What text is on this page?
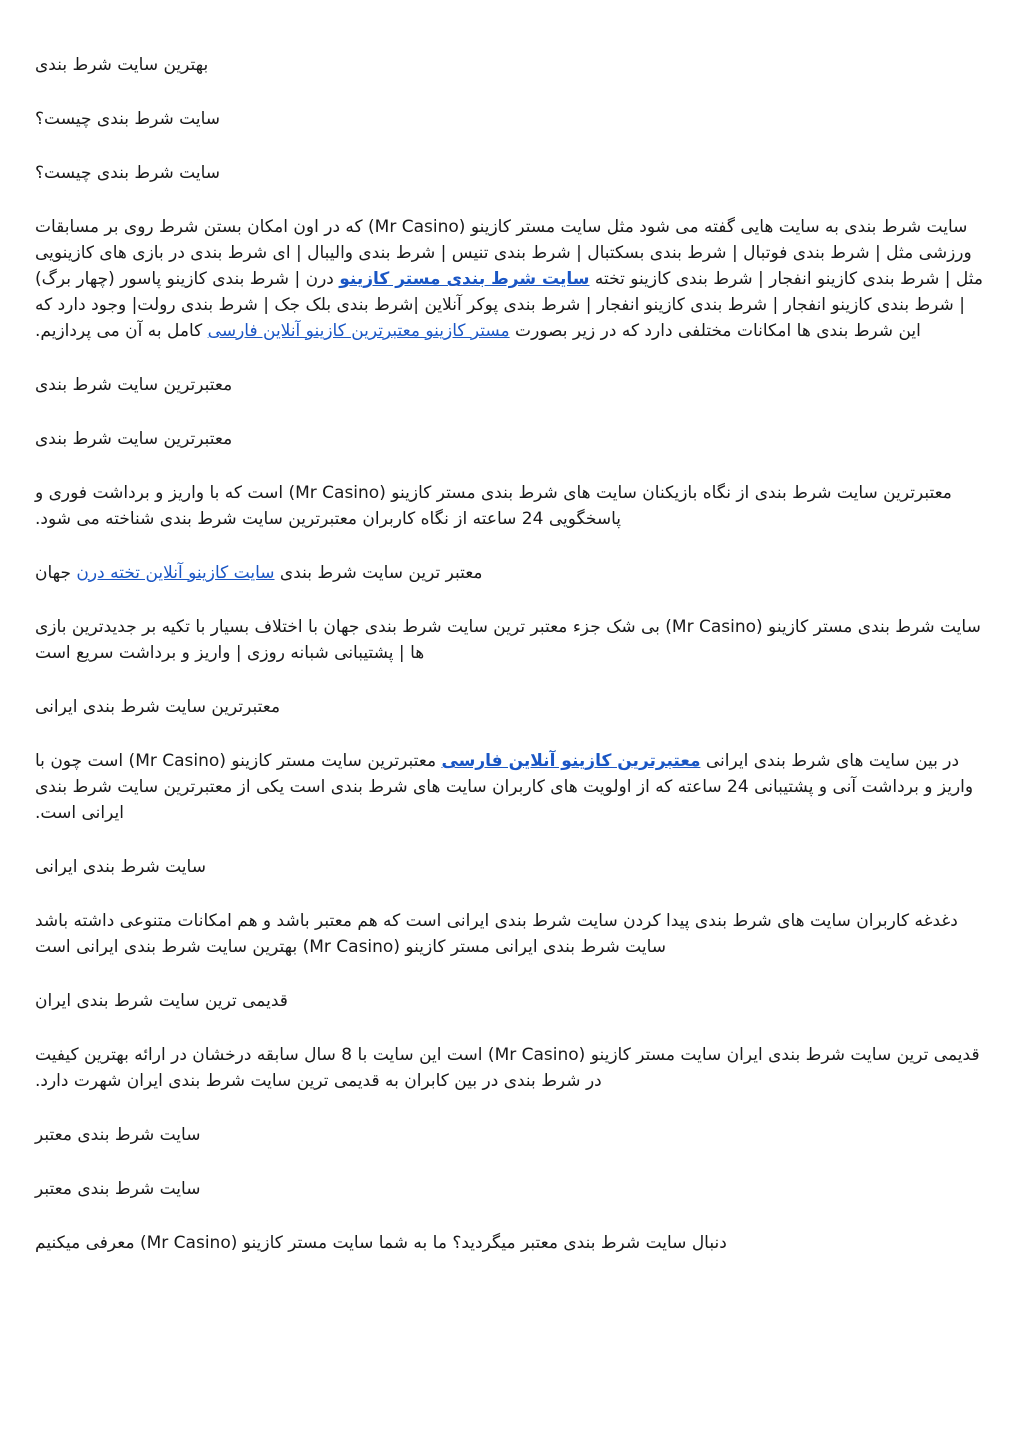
بهترین سایت شرط بندی

سایت شرط بندی چیست؟

سایت شرط بندی چیست؟

سایت شرط بندی به سایت هایی گفته می شود مثل سایت مستر کازینو (Mr Casino) که در اون امکان بستن شرط روی بر مسابقات ورزشی مثل | شرط بندی فوتبال | شرط بندی بسکتبال | شرط بندی تنیس | شرط بندی والیبال | ای شرط بندی در بازی های کازینویی مثل | شرط بندی کازینو انفجار | شرط بندی کازینو تخته سایت شرط بندی مستر کازینو درن | شرط بندی کازینو پاسور (چهار برگ) | شرط بندی کازینو انفجار | شرط بندی کازینو انفجار | شرط بندی پوکر آنلاین |شرط بندی بلک جک | شرط بندی رولت| وجود دارد که این شرط بندی ها امکانات مختلفی دارد که در زیر بصورت مستر کازینو معتبرترین کازینو آنلاین فارسی کامل به آن می پردازیم.

معتبرترین سایت شرط بندی

معتبرترین سایت شرط بندی

معتبرترین سایت شرط بندی از نگاه بازیکنان سایت های شرط بندی مستر کازینو (Mr Casino) است که با واریز و برداشت فوری و پاسخگویی 24 ساعته از نگاه کاربران معتبرترین سایت شرط بندی شناخته می شود.

معتبر ترین سایت شرط بندی سایت کازینو آنلاین تخته درن جهان

سایت شرط بندی مستر کازینو (Mr Casino) بی شک جزء معتبر ترین سایت شرط بندی جهان با اختلاف بسیار با تکیه بر جدیدترین بازی ها | پشتیبانی شبانه روزی | واریز و برداشت سریع است

معتبرترین سایت شرط بندی ایرانی

در بین سایت های شرط بندی ایرانی معتبرترین کازینو آنلاین فارسی معتبرترین سایت مستر کازینو (Mr Casino) است چون با واریز و برداشت آنی و پشتیبانی 24 ساعته که از اولویت های کاربران سایت های شرط بندی است یکی از معتبرترین سایت شرط بندی ایرانی است.

سایت شرط بندی ایرانی

دغدغه کاربران سایت های شرط بندی پیدا کردن سایت شرط بندی ایرانی است که هم معتبر باشد و هم امکانات متنوعی داشته باشد سایت شرط بندی ایرانی مستر کازینو (Mr Casino) بهترین سایت شرط بندی ایرانی است

قدیمی ترین سایت شرط بندی ایران

قدیمی ترین سایت شرط بندی ایران سایت مستر کازینو (Mr Casino) است این سایت با 8 سال سابقه درخشان در ارائه بهترین کیفیت در شرط بندی در بین کابران به قدیمی ترین سایت شرط بندی ایران شهرت دارد.

سایت شرط بندی معتبر

سایت شرط بندی معتبر

دنبال سایت شرط بندی معتبر میگردید؟ ما به شما سایت مستر کازینو (Mr Casino) معرفی میکنیم
